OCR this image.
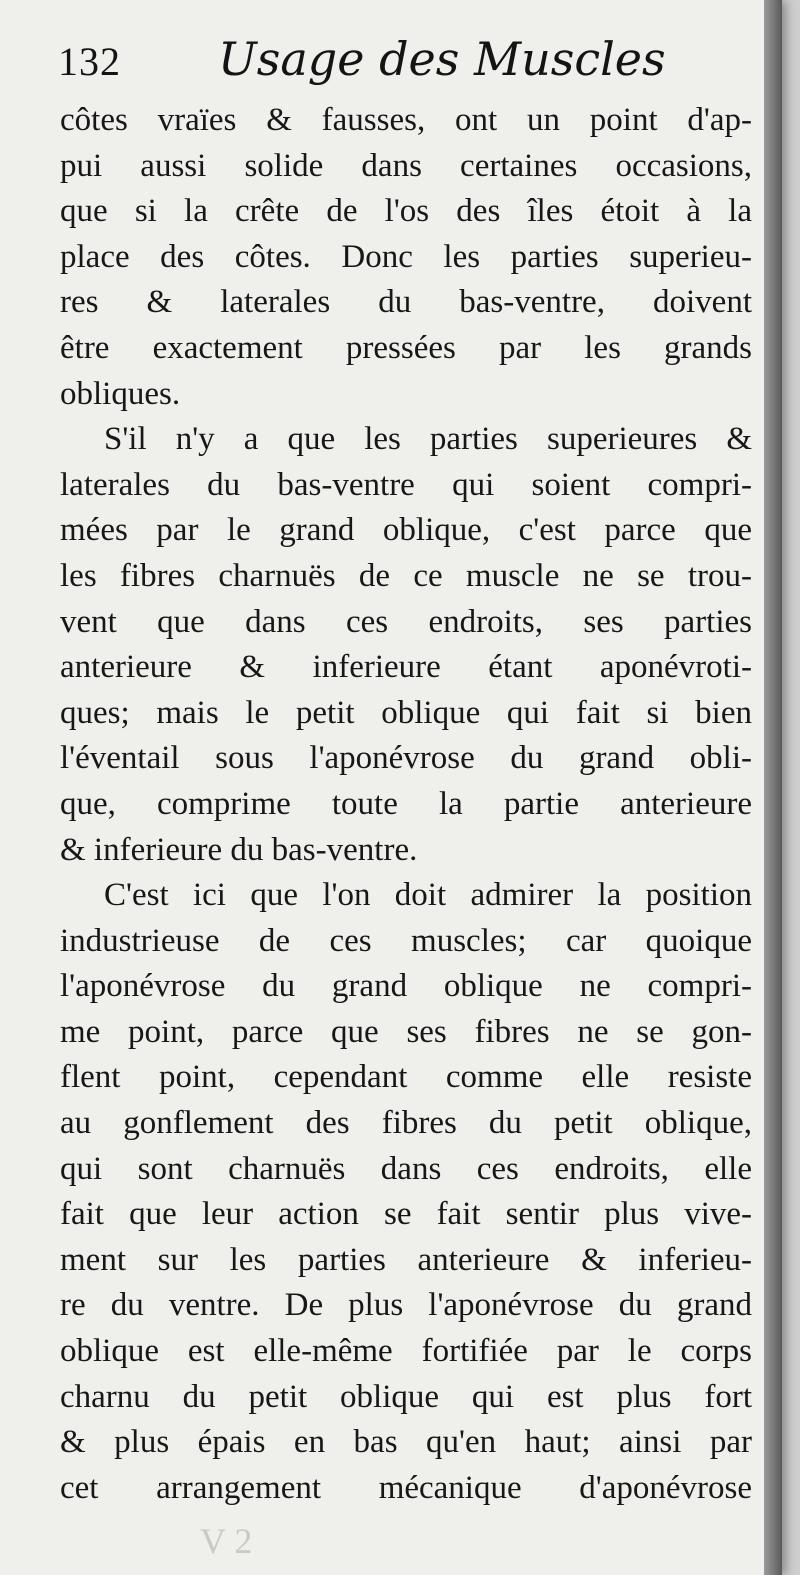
132 Usage des Muscles
côtes vraïes & fausses, ont un point d'ap-
pui aussi solide dans certaines occasions,
que si la crête de l'os des îles étoit à la
place des côtes. Donc les parties superieu-
res & laterales du bas-ventre, doivent
être exactement pressées par les grands
obliques.
S'il n'y a que les parties superieures &
laterales du bas-ventre qui soient compri-
mées par le grand oblique, c'est parce que
les fibres charnuës de ce muscle ne se trou-
vent que dans ces endroits, ses parties
anterieure & inferieure étant aponévroti-
ques; mais le petit oblique qui fait si bien
l'éventail sous l'aponévrose du grand obli-
que, comprime toute la partie anterieure
& inferieure du bas-ventre.
C'est ici que l'on doit admirer la position
industrieuse de ces muscles; car quoique
l'aponévrose du grand oblique ne compri-
me point, parce que ses fibres ne se gon-
flent point, cependant comme elle resiste
au gonflement des fibres du petit oblique,
qui sont charnuës dans ces endroits, elle
fait que leur action se fait sentir plus vive-
ment sur les parties anterieure & inferieu-
re du ventre. De plus l'aponévrose du grand
oblique est elle-même fortifiée par le corps
charnu du petit oblique qui est plus fort
& plus épais en bas qu'en haut; ainsi par
cet arrangement mécanique d'aponévrose
V 2
